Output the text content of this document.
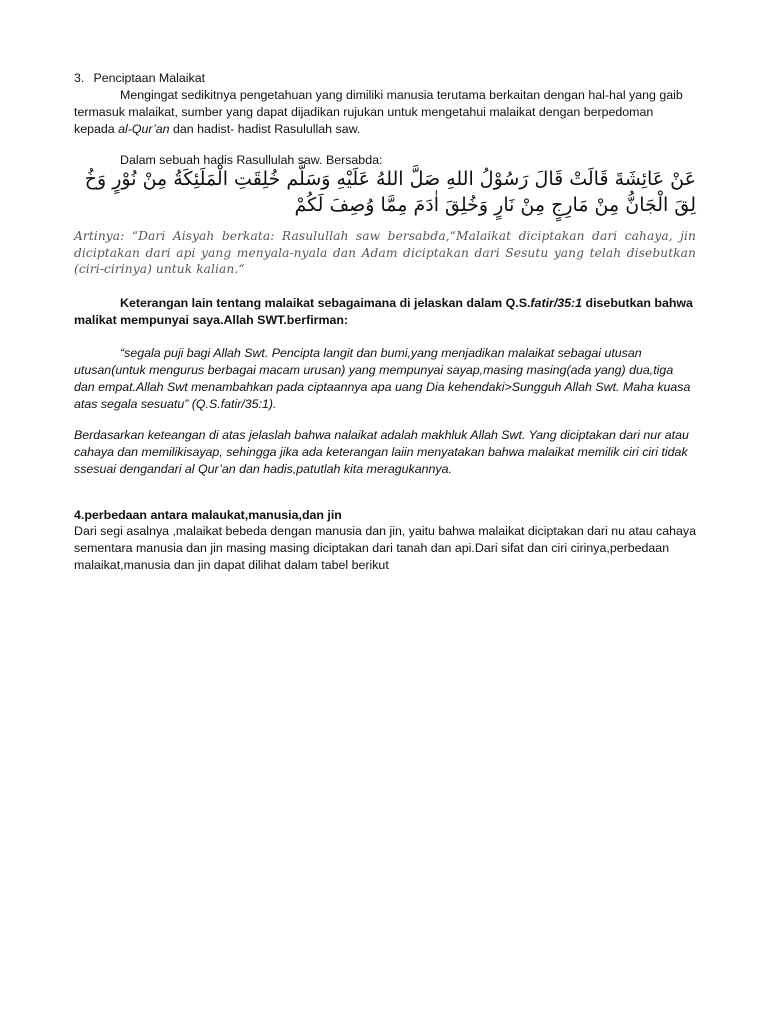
3. Penciptaan Malaikat

Mengingat sedikitnya pengetahuan yang dimiliki manusia terutama berkaitan dengan hal-hal yang gaib termasuk malaikat, sumber yang dapat dijadikan rujukan untuk mengetahui malaikat dengan berpedoman kepada al-Qur’an dan hadist- hadist Rasulullah saw.

Dalam sebuah hadis Rasullulah saw. Bersabda:

عَنْ عَائِشَةَ قَالَتْ قَالَ رَسُوْلُ اللهِ صَلَّ اللهُ عَلَيْهِ وَسَلَّم خُلِقَتِ الْمَلَئِكَةُ مِنْ نُوْرٍ وَخُ
لِقَ الْجَانُّ مِنْ مَارِجٍ مِنْ نَارٍ وَخُلِقَ اٰدَمَ مِمَّا وُصِفَ لَكُمْ

Artinya: “Dari Aisyah berkata: Rasulullah saw bersabda,“Malaikat diciptakan dari cahaya, jin diciptakan dari api yang menyala-nyala dan Adam diciptakan dari Sesutu yang telah disebutkan (ciri-cirinya) untuk kalian.“

Keterangan lain tentang malaikat sebagaimana di jelaskan dalam Q.S.fatir/35:1 disebutkan bahwa malikat mempunyai saya.Allah SWT.berfirman:

“segala puji bagi Allah Swt. Pencipta langit dan bumi,yang menjadikan malaikat sebagai utusan utusan(untuk mengurus berbagai macam urusan) yang mempunyai sayap,masing masing(ada yang) dua,tiga dan empat.Allah Swt menambahkan pada ciptaannya apa uang Dia kehendaki>Sungguh Allah Swt. Maha kuasa atas segala sesuatu” (Q.S.fatir/35:1).

Berdasarkan keteangan di atas jelaslah bahwa nalaikat adalah makhluk Allah Swt. Yang diciptakan dari nur atau cahaya dan memilikisayap, sehingga jika ada keterangan laiin menyatakan bahwa malaikat memilik ciri ciri tidak ssesuai dengandari al Qur’an dan hadis,patutlah kita meragukannya.

4.perbedaan antara malaukat,manusia,dan jin

Dari segi asalnya ,malaikat bebeda dengan manusia dan jin, yaitu bahwa malaikat diciptakan dari nu atau cahaya sementara manusia dan jin masing masing diciptakan dari tanah dan api.Dari sifat dan ciri cirinya,perbedaan malaikat,manusia dan jin dapat dilihat dalam tabel berikut
